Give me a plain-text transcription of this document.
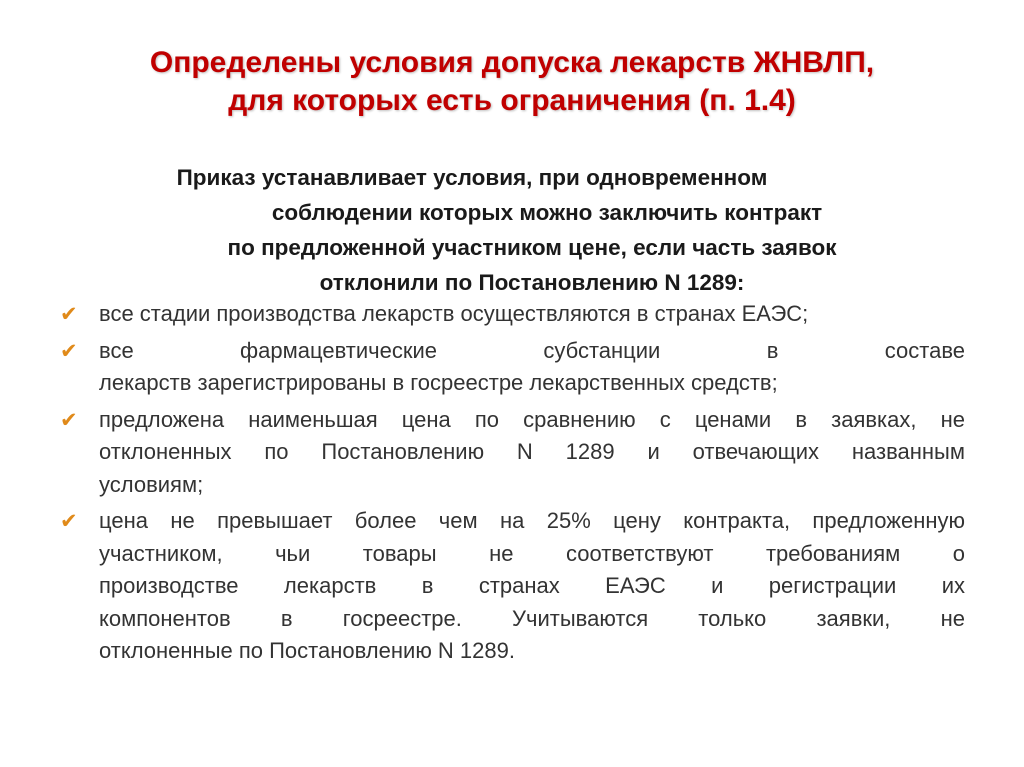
Определены условия допуска лекарств ЖНВЛП,
для которых есть ограничения (п. 1.4)
Приказ устанавливает условия, при одновременном
соблюдении которых можно заключить контракт
по предложенной участником цене, если часть заявок
отклонили по Постановлению N 1289:
✔ все стадии производства лекарств осуществляются в странах ЕАЭС;
✔ все фармацевтические субстанции в составе
лекарств зарегистрированы в госреестре лекарственных средств;
✔ предложена наименьшая цена по сравнению с ценами в заявках, не
отклоненных по Постановлению N 1289 и отвечающих названным
условиям;
✔ цена не превышает более чем на 25% цену контракта, предложенную
участником, чьи товары не соответствуют требованиям о
производстве лекарств в странах ЕАЭС и регистрации их
компонентов в госреестре. Учитываются только заявки, не
отклоненные по Постановлению N 1289.
